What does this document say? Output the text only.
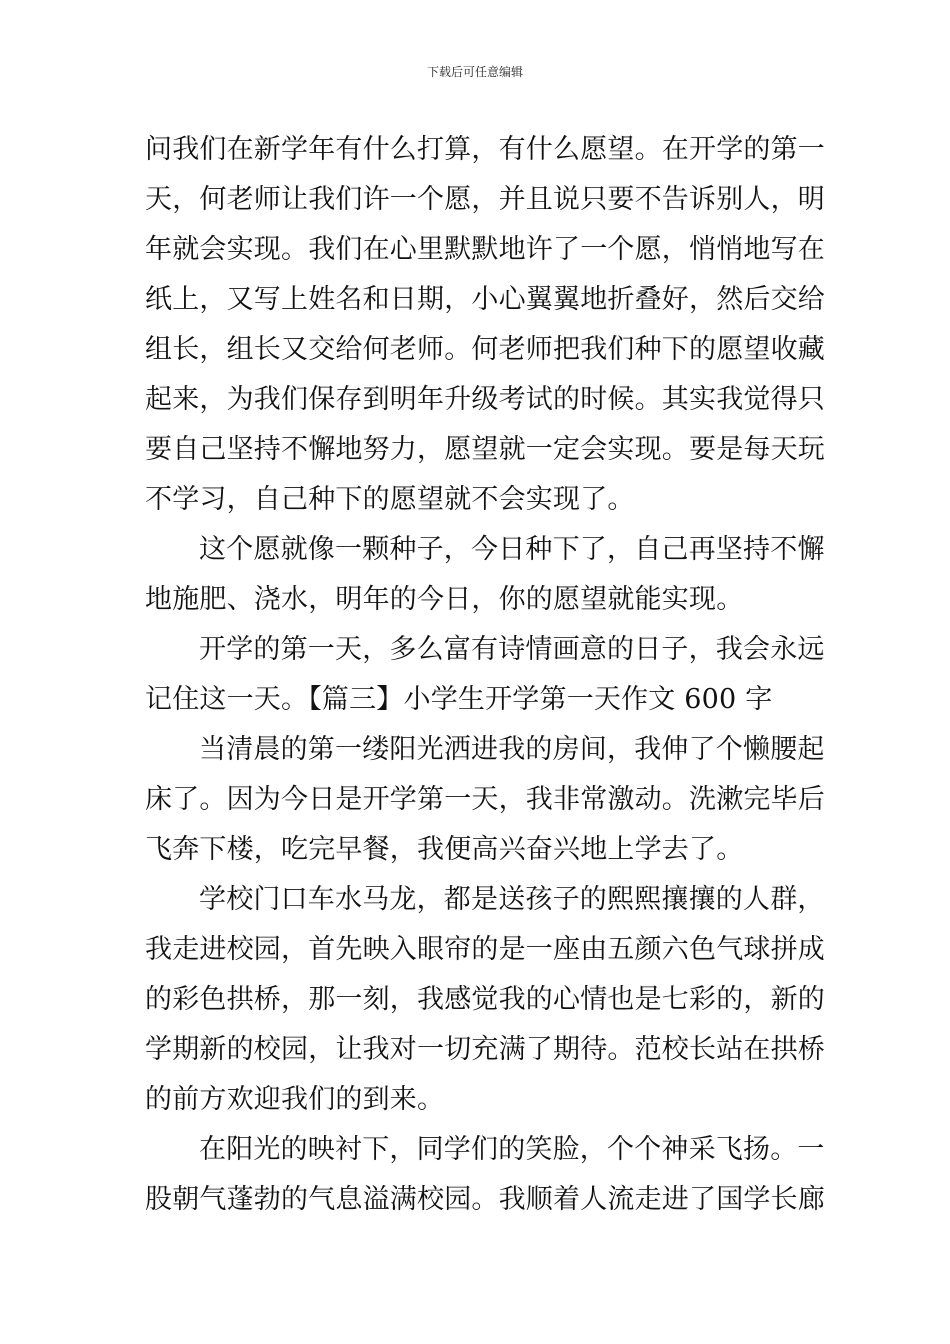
下载后可任意编辑
问我们在新学年有什么打算，有什么愿望。在开学的第一
天，何老师让我们许一个愿，并且说只要不告诉别人，明
年就会实现。我们在心里默默地许了一个愿，悄悄地写在
纸上，又写上姓名和日期，小心翼翼地折叠好，然后交给
组长，组长又交给何老师。何老师把我们种下的愿望收藏
起来，为我们保存到明年升级考试的时候。其实我觉得只
要自己坚持不懈地努力，愿望就一定会实现。要是每天玩
不学习，自己种下的愿望就不会实现了。
这个愿就像一颗种子，今日种下了，自己再坚持不懈
地施肥、浇水，明年的今日，你的愿望就能实现。
开学的第一天，多么富有诗情画意的日子，我会永远
记住这一天。【篇三】小学生开学第一天作文 600 字
当清晨的第一缕阳光洒进我的房间，我伸了个懒腰起
床了。因为今日是开学第一天，我非常激动。洗漱完毕后
飞奔下楼，吃完早餐，我便高兴奋兴地上学去了。
学校门口车水马龙，都是送孩子的熙熙攘攘的人群，
我走进校园，首先映入眼帘的是一座由五颜六色气球拼成
的彩色拱桥，那一刻，我感觉我的心情也是七彩的，新的
学期新的校园，让我对一切充满了期待。范校长站在拱桥
的前方欢迎我们的到来。
在阳光的映衬下，同学们的笑脸，个个神采飞扬。一
股朝气蓬勃的气息溢满校园。我顺着人流走进了国学长廊
